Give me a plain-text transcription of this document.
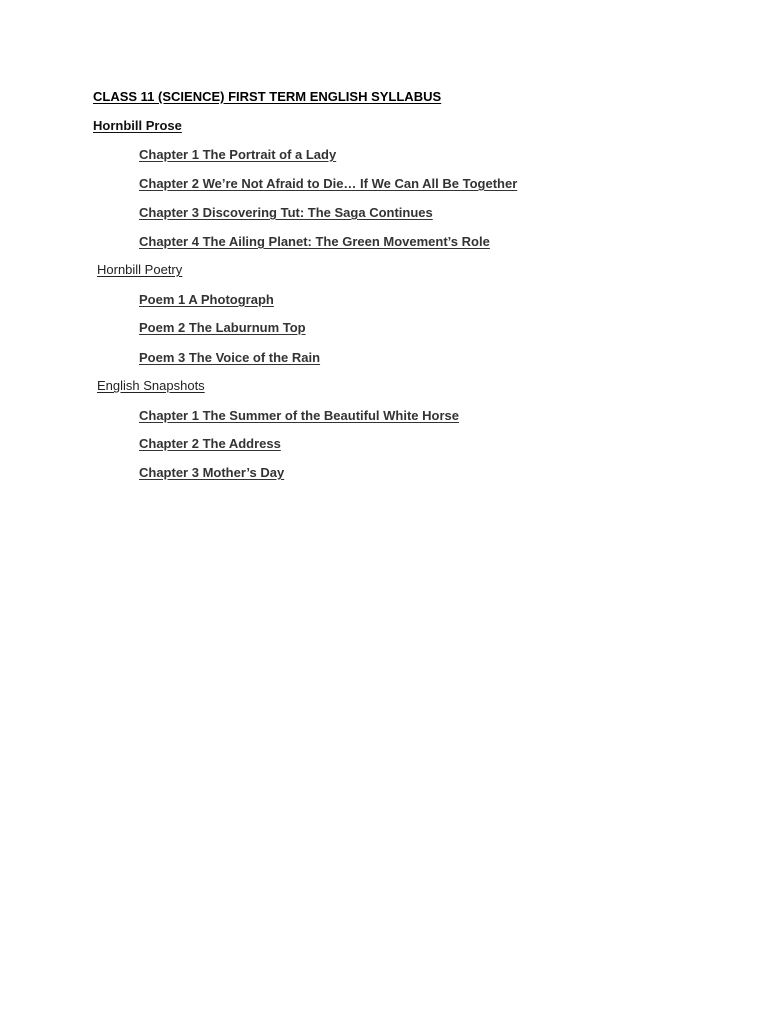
CLASS 11 (SCIENCE) FIRST TERM ENGLISH SYLLABUS
Hornbill Prose
Chapter 1 The Portrait of a Lady
Chapter 2 We’re Not Afraid to Die… If We Can All Be Together
Chapter 3 Discovering Tut: The Saga Continues
Chapter 4 The Ailing Planet: The Green Movement’s Role
Hornbill Poetry
Poem 1 A Photograph
Poem 2 The Laburnum Top
Poem 3 The Voice of the Rain
English Snapshots
Chapter 1 The Summer of the Beautiful White Horse
Chapter 2 The Address
Chapter 3 Mother’s Day
